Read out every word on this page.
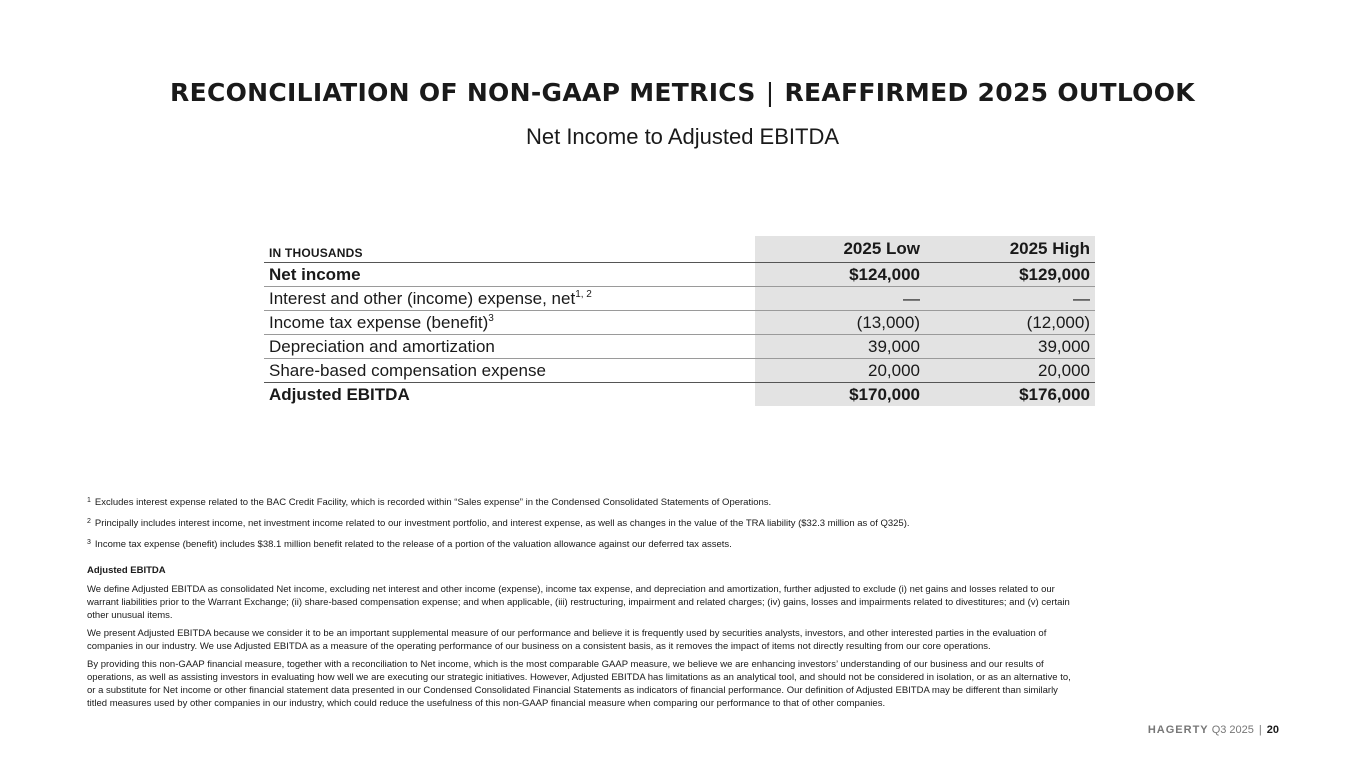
RECONCILIATION OF NON-GAAP METRICS | REAFFIRMED 2025 OUTLOOK
Net Income to Adjusted EBITDA
IN THOUSANDS	2025 Low	2025 High
Net income	$124,000	$129,000
Interest and other (income) expense, net$^{1, 2}$	—	—
Income tax expense (benefit)$^3$	(13,000)	(12,000)
Depreciation and amortization	39,000	39,000
Share-based compensation expense	20,000	20,000
Adjusted EBITDA	$170,000	$176,000

$^1$ Excludes interest expense related to the BAC Credit Facility, which is recorded within “Sales expense” in the Condensed Consolidated Statements of Operations.

$^2$ Principally includes interest income, net investment income related to our investment portfolio, and interest expense, as well as changes in the value of the TRA liability ($32.3 million as of Q325).

$^3$ Income tax expense (benefit) includes $38.1 million benefit related to the release of a portion of the valuation allowance against our deferred tax assets.

Adjusted EBITDA

We define Adjusted EBITDA as consolidated Net income, excluding net interest and other income (expense), income tax expense, and depreciation and amortization, further adjusted to exclude (i) net gains and losses related to our warrant liabilities prior to the Warrant Exchange; (ii) share-based compensation expense; and when applicable, (iii) restructuring, impairment and related charges; (iv) gains, losses and impairments related to divestitures; and (v) certain other unusual items.

We present Adjusted EBITDA because we consider it to be an important supplemental measure of our performance and believe it is frequently used by securities analysts, investors, and other interested parties in the evaluation of companies in our industry. We use Adjusted EBITDA as a measure of the operating performance of our business on a consistent basis, as it removes the impact of items not directly resulting from our core operations.

By providing this non-GAAP financial measure, together with a reconciliation to Net income, which is the most comparable GAAP measure, we believe we are enhancing investors’ understanding of our business and our results of operations, as well as assisting investors in evaluating how well we are executing our strategic initiatives. However, Adjusted EBITDA has limitations as an analytical tool, and should not be considered in isolation, or as an alternative to, or a substitute for Net income or other financial statement data presented in our Condensed Consolidated Financial Statements as indicators of financial performance. Our definition of Adjusted EBITDA may be different than similarly titled measures used by other companies in our industry, which could reduce the usefulness of this non-GAAP financial measure when comparing our performance to that of other companies.

HAGERTY Q3 2025 | 20
